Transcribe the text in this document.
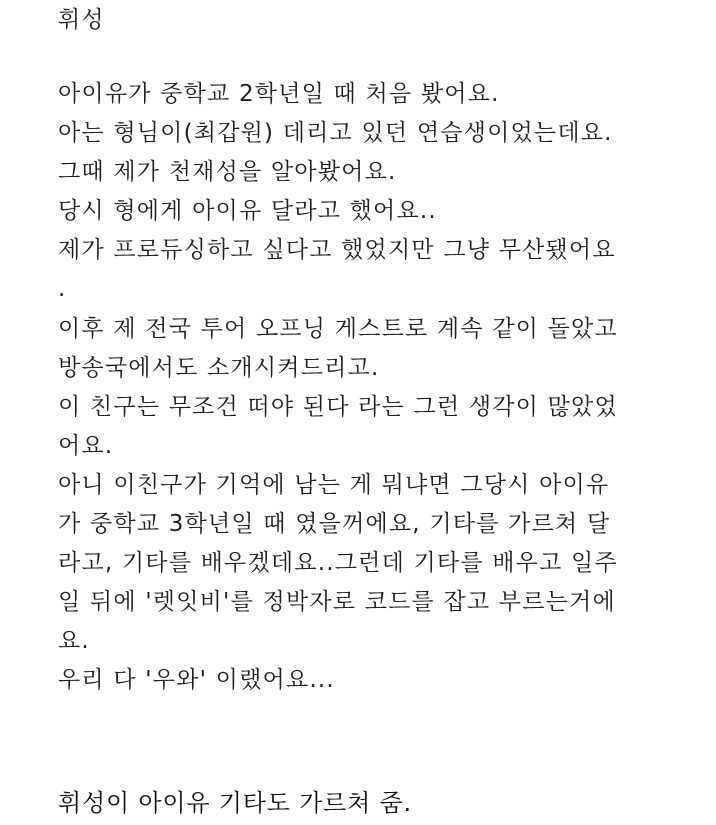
휘성
아이유가 중학교 2학년일 때 처음 봤어요.
아는 형님이(최갑원) 데리고 있던 연습생이었는데요.
그때 제가 천재성을 알아봤어요.
당시 형에게 아이유 달라고 했어요..
제가 프로듀싱하고 싶다고 했었지만 그냥 무산됐어요
.
이후 제 전국 투어 오프닝 게스트로 계속 같이 돌았고
방송국에서도 소개시켜드리고.
이 친구는 무조건 떠야 된다 라는 그런 생각이 많았었
어요.
아니 이친구가 기억에 남는 게 뭐냐면 그당시 아이유
가 중학교 3학년일 때 였을꺼에요, 기타를 가르쳐 달
라고, 기타를 배우겠데요..그런데 기타를 배우고 일주
일 뒤에 '렛잇비'를 정박자로 코드를 잡고 부르는거에
요.
우리 다 '우와' 이랬어요...
휘성이 아이유 기타도 가르쳐 줌.
